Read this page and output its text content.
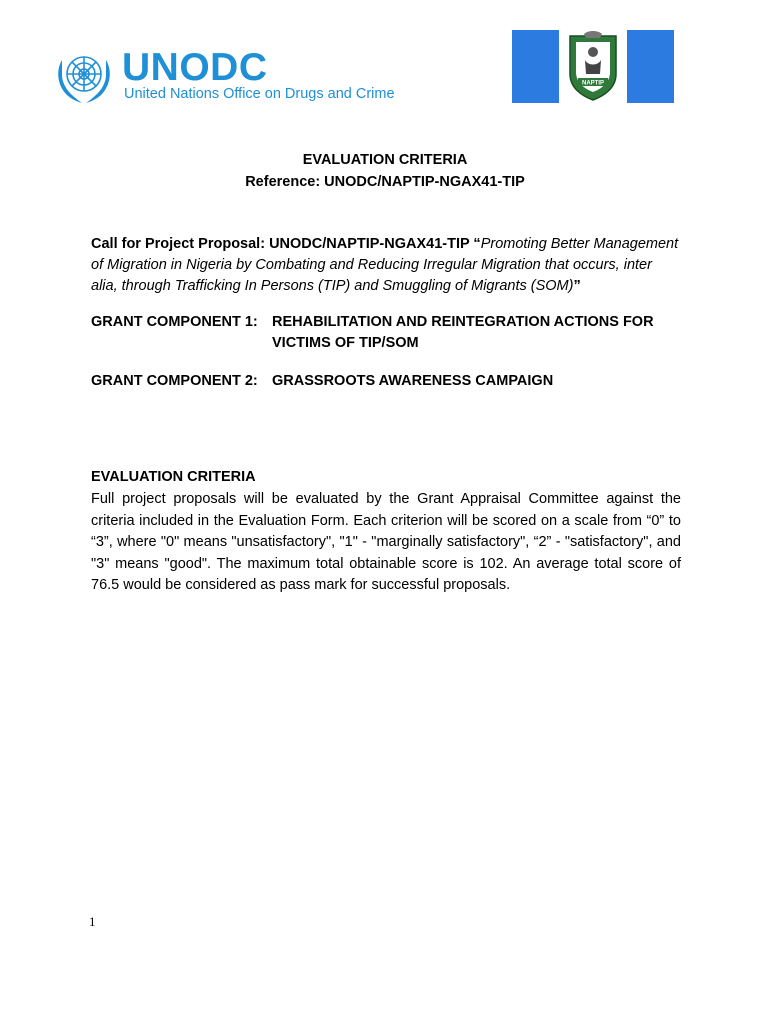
UNODC
United Nations Office on Drugs and Crime
NAPTIP
EVALUATION CRITERIA
Reference: UNODC/NAPTIP-NGAX41-TIP
Call for Project Proposal: UNODC/NAPTIP-NGAX41-TIP “Promoting Better Management of Migration in Nigeria by Combating and Reducing Irregular Migration that occurs, inter alia, through Trafficking In Persons (TIP) and Smuggling of Migrants (SOM)”
GRANT COMPONENT 1: REHABILITATION AND REINTEGRATION ACTIONS FOR VICTIMS OF TIP/SOM
GRANT COMPONENT 2: GRASSROOTS AWARENESS CAMPAIGN
EVALUATION CRITERIA
Full project proposals will be evaluated by the Grant Appraisal Committee against the criteria included in the Evaluation Form. Each criterion will be scored on a scale from “0” to “3”, where "0" means "unsatisfactory", "1" - "marginally satisfactory", “2” - "satisfactory", and "3" means "good". The maximum total obtainable score is 102. An average total score of 76.5 would be considered as pass mark for successful proposals.
1
